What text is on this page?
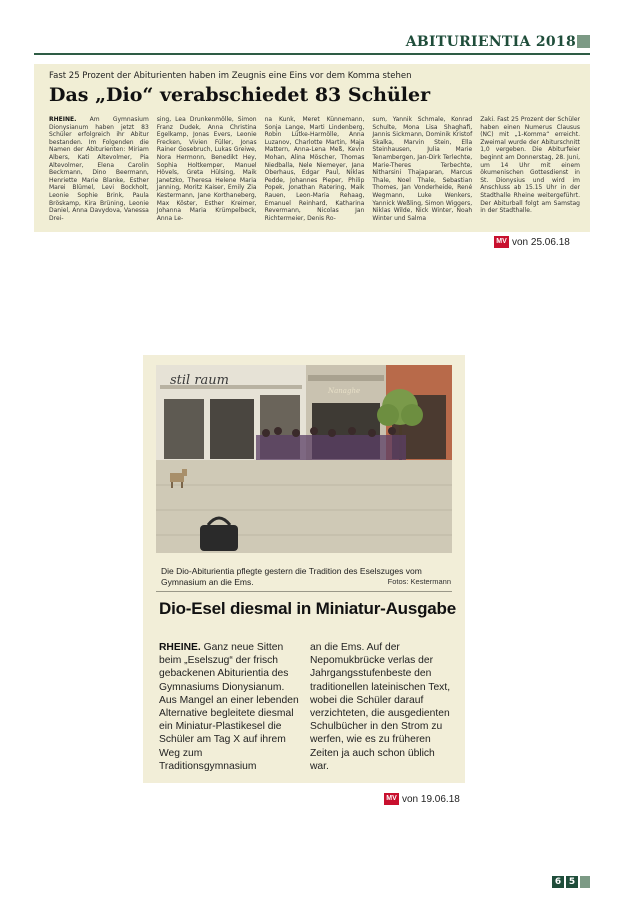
ABITURIENTIA 2018
Fast 25 Prozent der Abiturienten haben im Zeugnis eine Eins vor dem Komma stehen
Das „Dio“ verabschiedet 83 Schüler
RHEINE. Am Gymnasium Dionysianum haben jetzt 83 Schüler erfolgreich ihr Abitur bestanden. Im Folgenden die Namen der Abiturienten: Miriam Albers, Kati Altevolmer, Pia Altevolmer, Elena Carolin Beckmann, Dino Beermann, Henriette Marie Blanke, Esther Marei Blümel, Levi Bockholt, Leonie Sophie Brink, Paula Bröskamp, Kira Brüning, Leonie Daniel, Anna Davydova, Vanessa Drei-
sing, Lea Drunkenmölle, Simon Franz Dudek, Anna Christina Egelkamp, Jonas Evers, Leonie Frecken, Vivien Füller, Jonas Rainer Gosebruch, Lukas Greiwe, Nora Hermonn, Benedikt Hey, Sophia Holtkemper, Manuel Hövels, Greta Hülsing, Maik Janetzko, Theresa Helene Maria Janning, Moritz Kaiser, Emily Zia Kestermann, Jane Korthaneberg, Max Köster, Esther Kreimer, Johanna Maria Krümpelbeck, Anna Le-
na Kunk, Meret Künnemann, Sonja Lange, Marti Lindenberg, Robin Lütke-Harmölle, Anna Luzanov, Charlotte Martin, Maja Mattern, Anna-Lena Meß, Kevin Mohan, Alina Möscher, Thomas Niedballa, Nele Niemeyer, Jana Oberhaus, Edgar Paul, Niklas Pedde, Johannes Pieper, Philip Popek, Jonathan Ratering, Maik Rauen, Leon-Maria Rehaag, Emanuel Reinhard, Katharina Revermann, Nicolas Jan Richtermeier, Denis Ro-
sum, Yannik Schmale, Konrad Schulte, Mona Lisa Shaghafi, Jannis Sickmann, Dominik Kristof Skalka, Marvin Stein, Ella Steinhausen, Julia Marie Tenambergen, Jan-Dirk Terlechte, Marie-Theres Terbechte, Nitharsini Thajaparan, Marcus Thale, Noel Thale, Sebastian Thomes, Jan Vonderheide, René Wegmann, Luke Wenkers, Yannick Weßling, Simon Wiggers, Niklas Wilde, Nick Winter, Noah Winter und Salma
Zaki. Fast 25 Prozent der Schüler haben einen Numerus Clausus (NC) mit „1-Komma“ erreicht. Zweimal wurde der Abiturschnitt 1,0 vergeben. Die Abiturfeier beginnt am Donnerstag, 28. Juni, um 14 Uhr mit einem ökumenischen Gottesdienst in St. Dionysius und wird im Anschluss ab 15.15 Uhr in der Stadthalle Rheine weitergeführt. Der Abiturball folgt am Samstag in der Stadthalle.
MV von 25.06.18
stil raum
Nanaghe
Die Dio-Abiturientia pflegte gestern die Tradition des Eselszuges vom Gymnasium an die Ems.	Fotos: Kestermann
Dio-Esel diesmal in Miniatur-Ausgabe
RHEINE. Ganz neue Sitten beim „Eselszug“ der frisch gebackenen Abiturientia des Gymnasiums Dionysianum. Aus Mangel an einer lebenden Alternative begleitete diesmal ein Miniatur-Plastikesel die Schüler am Tag X auf ihrem Weg zum Traditionsgymnasium
an die Ems. Auf der Nepomukbrücke verlas der Jahrgangsstufenbeste den traditionellen lateinischen Text, wobei die Schüler darauf verzichteten, die ausgedienten Schulbücher in den Strom zu werfen, wie es zu früheren Zeiten ja auch schon üblich war.
MV von 19.06.18
6 5
